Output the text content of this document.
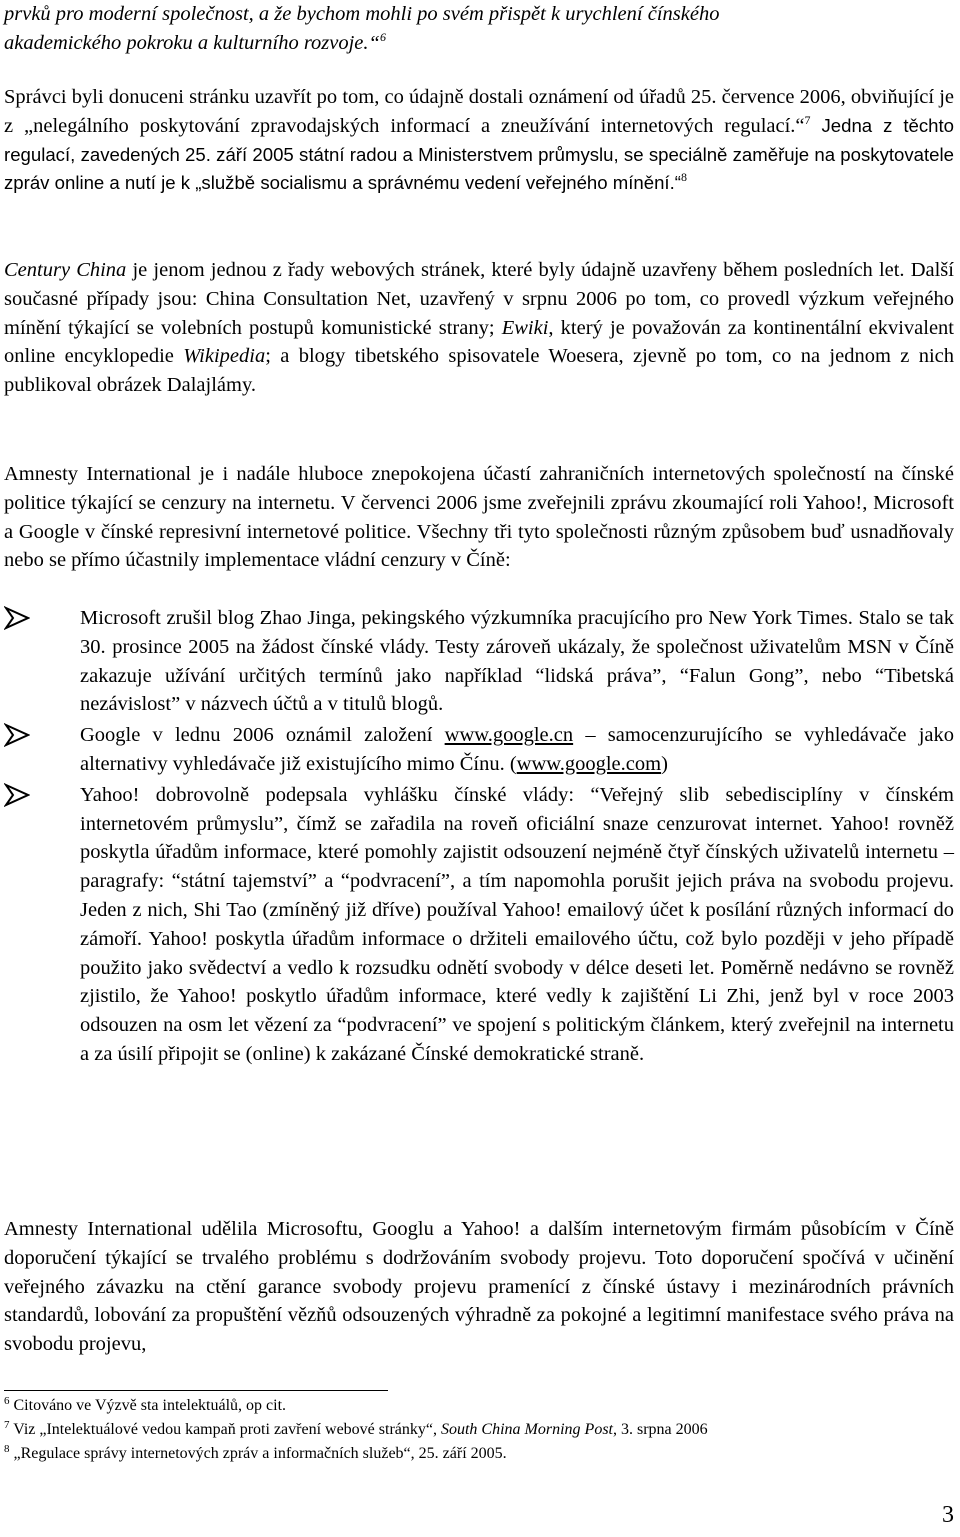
prvků pro moderní společnost, a že bychom mohli po svém přispět k urychlení čínského
akademického pokroku a kulturního rozvoje.“$^6$

Správci byli donuceni stránku uzavřít po tom, co údajně dostali oznámení od úřadů 25. července 2006, obviňující je z „nelegálního poskytování zpravodajských informací a zneužívání internetových regulací.“$^7$ Jedna z těchto regulací, zavedených 25. září 2005 státní radou a Ministerstvem průmyslu, se speciálně zaměřuje na poskytovatele zpráv online a nutí je k „službě socialismu a správnému vedení veřejného mínění.“$^8$

Century China je jenom jednou z řady webových stránek, které byly údajně uzavřeny během posledních let. Další současné případy jsou: China Consultation Net, uzavřený v srpnu 2006 po tom, co provedl výzkum veřejného mínění týkající se volebních postupů komunistické strany; Ewiki, který je považován za kontinentální ekvivalent online encyklopedie Wikipedia; a blogy tibetského spisovatele Woesera, zjevně po tom, co na jednom z nich publikoval obrázek Dalajlámy.

Amnesty International je i nadále hluboce znepokojena účastí zahraničních internetových společností na čínské politice týkající se cenzury na internetu. V červenci 2006 jsme zveřejnili zprávu zkoumající roli Yahoo!, Microsoft a Google v čínské represivní internetové politice. Všechny tři tyto společnosti různým způsobem buď usnadňovaly nebo se přímo účastnily implementace vládní cenzury v Číně:

Microsoft zrušil blog Zhao Jinga, pekingského výzkumníka pracujícího pro New York Times. Stalo se tak 30. prosince 2005 na žádost čínské vlády. Testy zároveň ukázaly, že společnost uživatelům MSN v Číně zakazuje užívání určitých termínů jako například “lidská práva”, “Falun Gong”, nebo “Tibetská nezávislost” v názvech účtů a v titulů blogů.
Google v lednu 2006 oznámil založení www.google.cn – samocenzurujícího se vyhledávače jako alternativy vyhledávače již existujícího mimo Čínu. (www.google.com)
Yahoo! dobrovolně podepsala vyhlášku čínské vlády: “Veřejný slib sebedisciplíny v čínském internetovém průmyslu”, čímž se zařadila na roveň oficiální snaze cenzurovat internet. Yahoo! rovněž poskytla úřadům informace, které pomohly zajistit odsouzení nejméně čtyř čínských uživatelů internetu – paragrafy: “státní tajemství” a “podvracení”, a tím napomohla porušit jejich práva na svobodu projevu. Jeden z nich, Shi Tao (zmíněný již dříve) používal Yahoo! emailový účet k posílání různých informací do zámoří. Yahoo! poskytla úřadům informace o držiteli emailového účtu, což bylo později v jeho případě použito jako svědectví a vedlo k rozsudku odnětí svobody v délce deseti let. Poměrně nedávno se rovněž zjistilo, že Yahoo! poskytlo úřadům informace, které vedly k zajištění Li Zhi, jenž byl v roce 2003 odsouzen na osm let vězení za “podvracení” ve spojení s politickým článkem, který zveřejnil na internetu a za úsilí připojit se (online) k zakázané Čínské demokratické straně.

Amnesty International udělila Microsoftu, Googlu a Yahoo! a dalším internetovým firmám působícím v Číně doporučení týkající se trvalého problému s dodržováním svobody projevu. Toto doporučení spočívá v učinění veřejného závazku na ctění garance svobody projevu pramenící z čínské ústavy i mezinárodních právních standardů, lobování za propuštění vězňů odsouzených výhradně za pokojné a legitimní manifestace svého práva na svobodu projevu,

$^6$ Citováno ve Výzvě sta intelektuálů, op cit.

$^7$ Viz „Intelektuálové vedou kampaň proti zavření webové stránky“, South China Morning Post, 3. srpna 2006

$^8$ „Regulace správy internetových zpráv a informačních služeb“, 25. září 2005.

3
